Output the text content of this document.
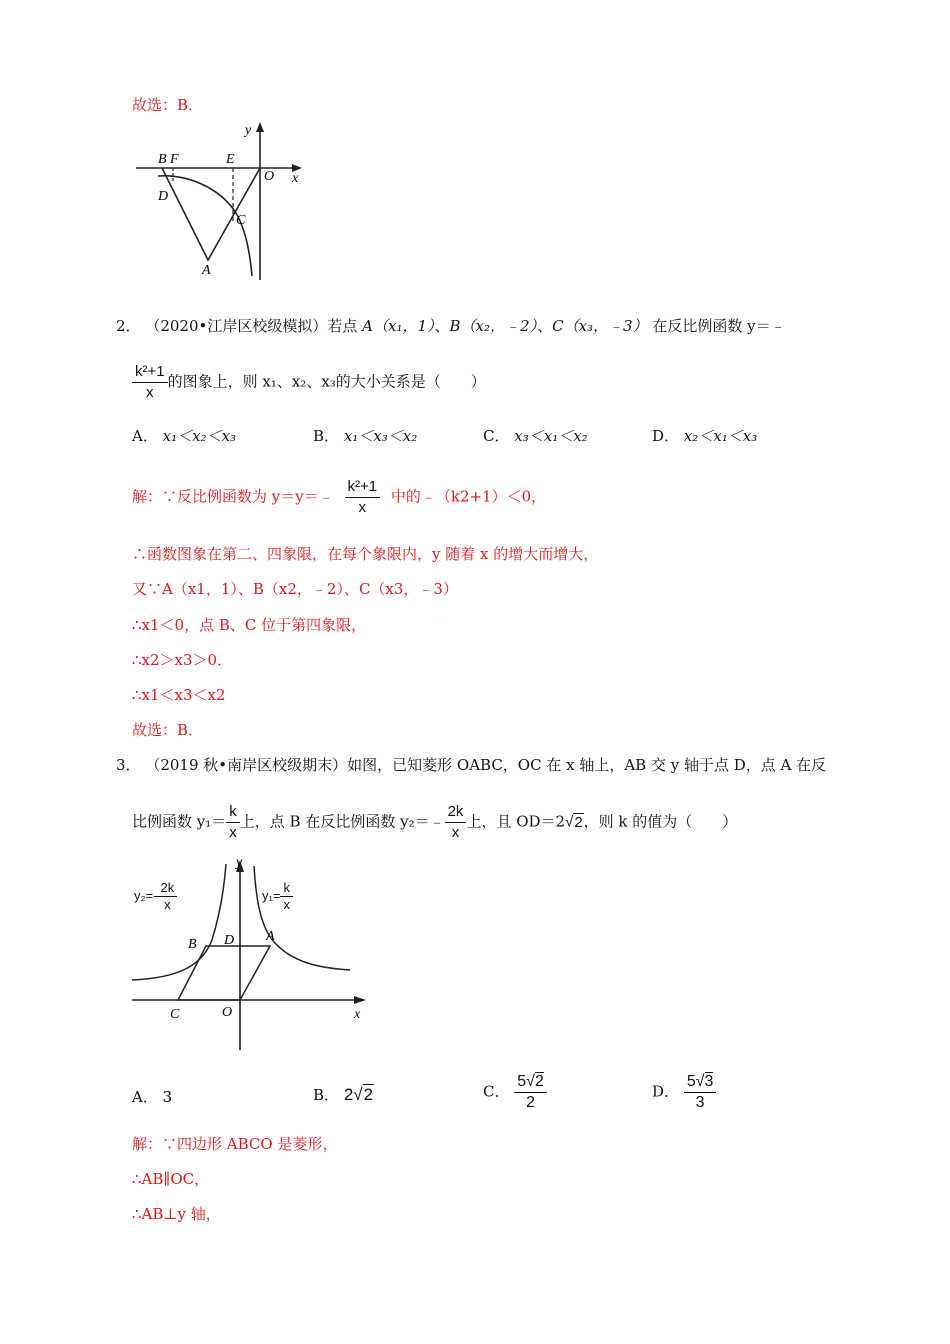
故选：B．
B F	E
y
O x
D
C
A
2． （2020•江岸区校级模拟）若点 A（x₁，1）、B（x₂，﹣2）、C（x₃，﹣3） 在反比例函数 y＝﹣
$\frac{\text{k²+1}}{x}$ 的图象上，则 x₁、x₂、x₃的大小关系是（　　）
A． x₁＜x₂＜x₃	B． x₁＜x₃＜x₂	C． x₃＜x₁＜x₂	D． x₂＜x₁＜x₃
解：∵反比例函数为 y＝y＝﹣ $\frac{\text{k²+1}}{x}$ 中的﹣（k2+1）＜0，
∴函数图象在第二、四象限，在每个象限内，y 随着 x 的增大而增大，
又∵A（x1，1）、B（x2，﹣2）、C（x3，﹣3）
∴x1＜0，点 B、C 位于第四象限，
∴x2＞x3＞0．
∴x1＜x3＜x2
故选：B．
3． （2019 秋•南岸区校级期末）如图，已知菱形 OABC，OC 在 x 轴上，AB 交 y 轴于点 D，点 A 在反
比例函数 $y_1= \frac{k}{x}$ 上，点 B 在反比例函数 y₂＝﹣ $\frac{2k}{x}$ 上，且 OD＝2√2，则 k 的值为（　　）
y
B D A
C	O	x
$y_2=- \frac{2k}{x}$	$y_1= \frac{k}{x}$
A． 3	B． 2√2	C． $\frac{5√2}{2}$	D． $\frac{5√3}{3}$
解：∵四边形 ABCO 是菱形，
∴AB∥OC，
∴AB⊥y 轴，
